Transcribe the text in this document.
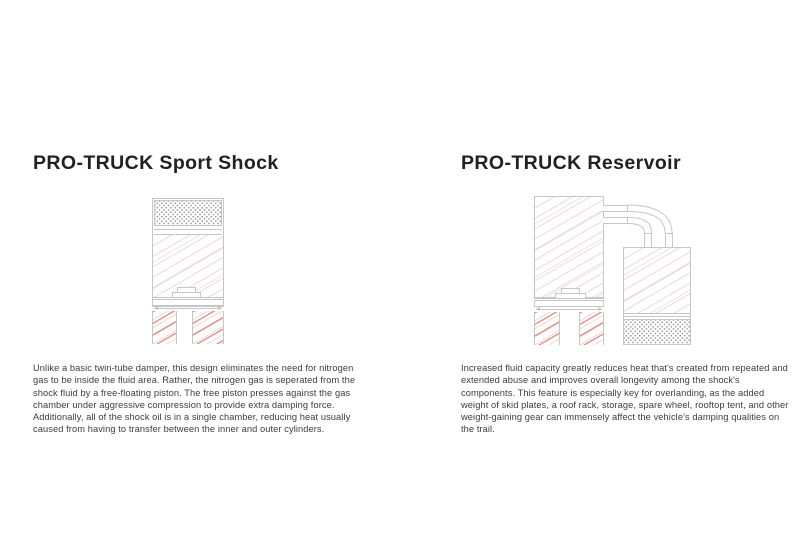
PRO-TRUCK Sport Shock	PRO-TRUCK Reservoir

Unlike a basic twin-tube damper, this design eliminates the need for nitrogen gas to be inside the fluid area. Rather, the nitrogen gas is seperated from the shock fluid by a free-floating piston. The free piston presses against the gas chamber under aggressive compression to provide extra damping force. Additionally, all of the shock oil is in a single chamber, reducing heat usually caused from having to transfer between the inner and outer cylinders.

Increased fluid capacity greatly reduces heat that's created from repeated and extended abuse and improves overall longevity among the shock's components. This feature is especially key for overlanding, as the added weight of skid plates, a roof rack, storage, spare wheel, rooftop tent, and other weight-gaining gear can immensely affect the vehicle's damping qualities on the trail.
